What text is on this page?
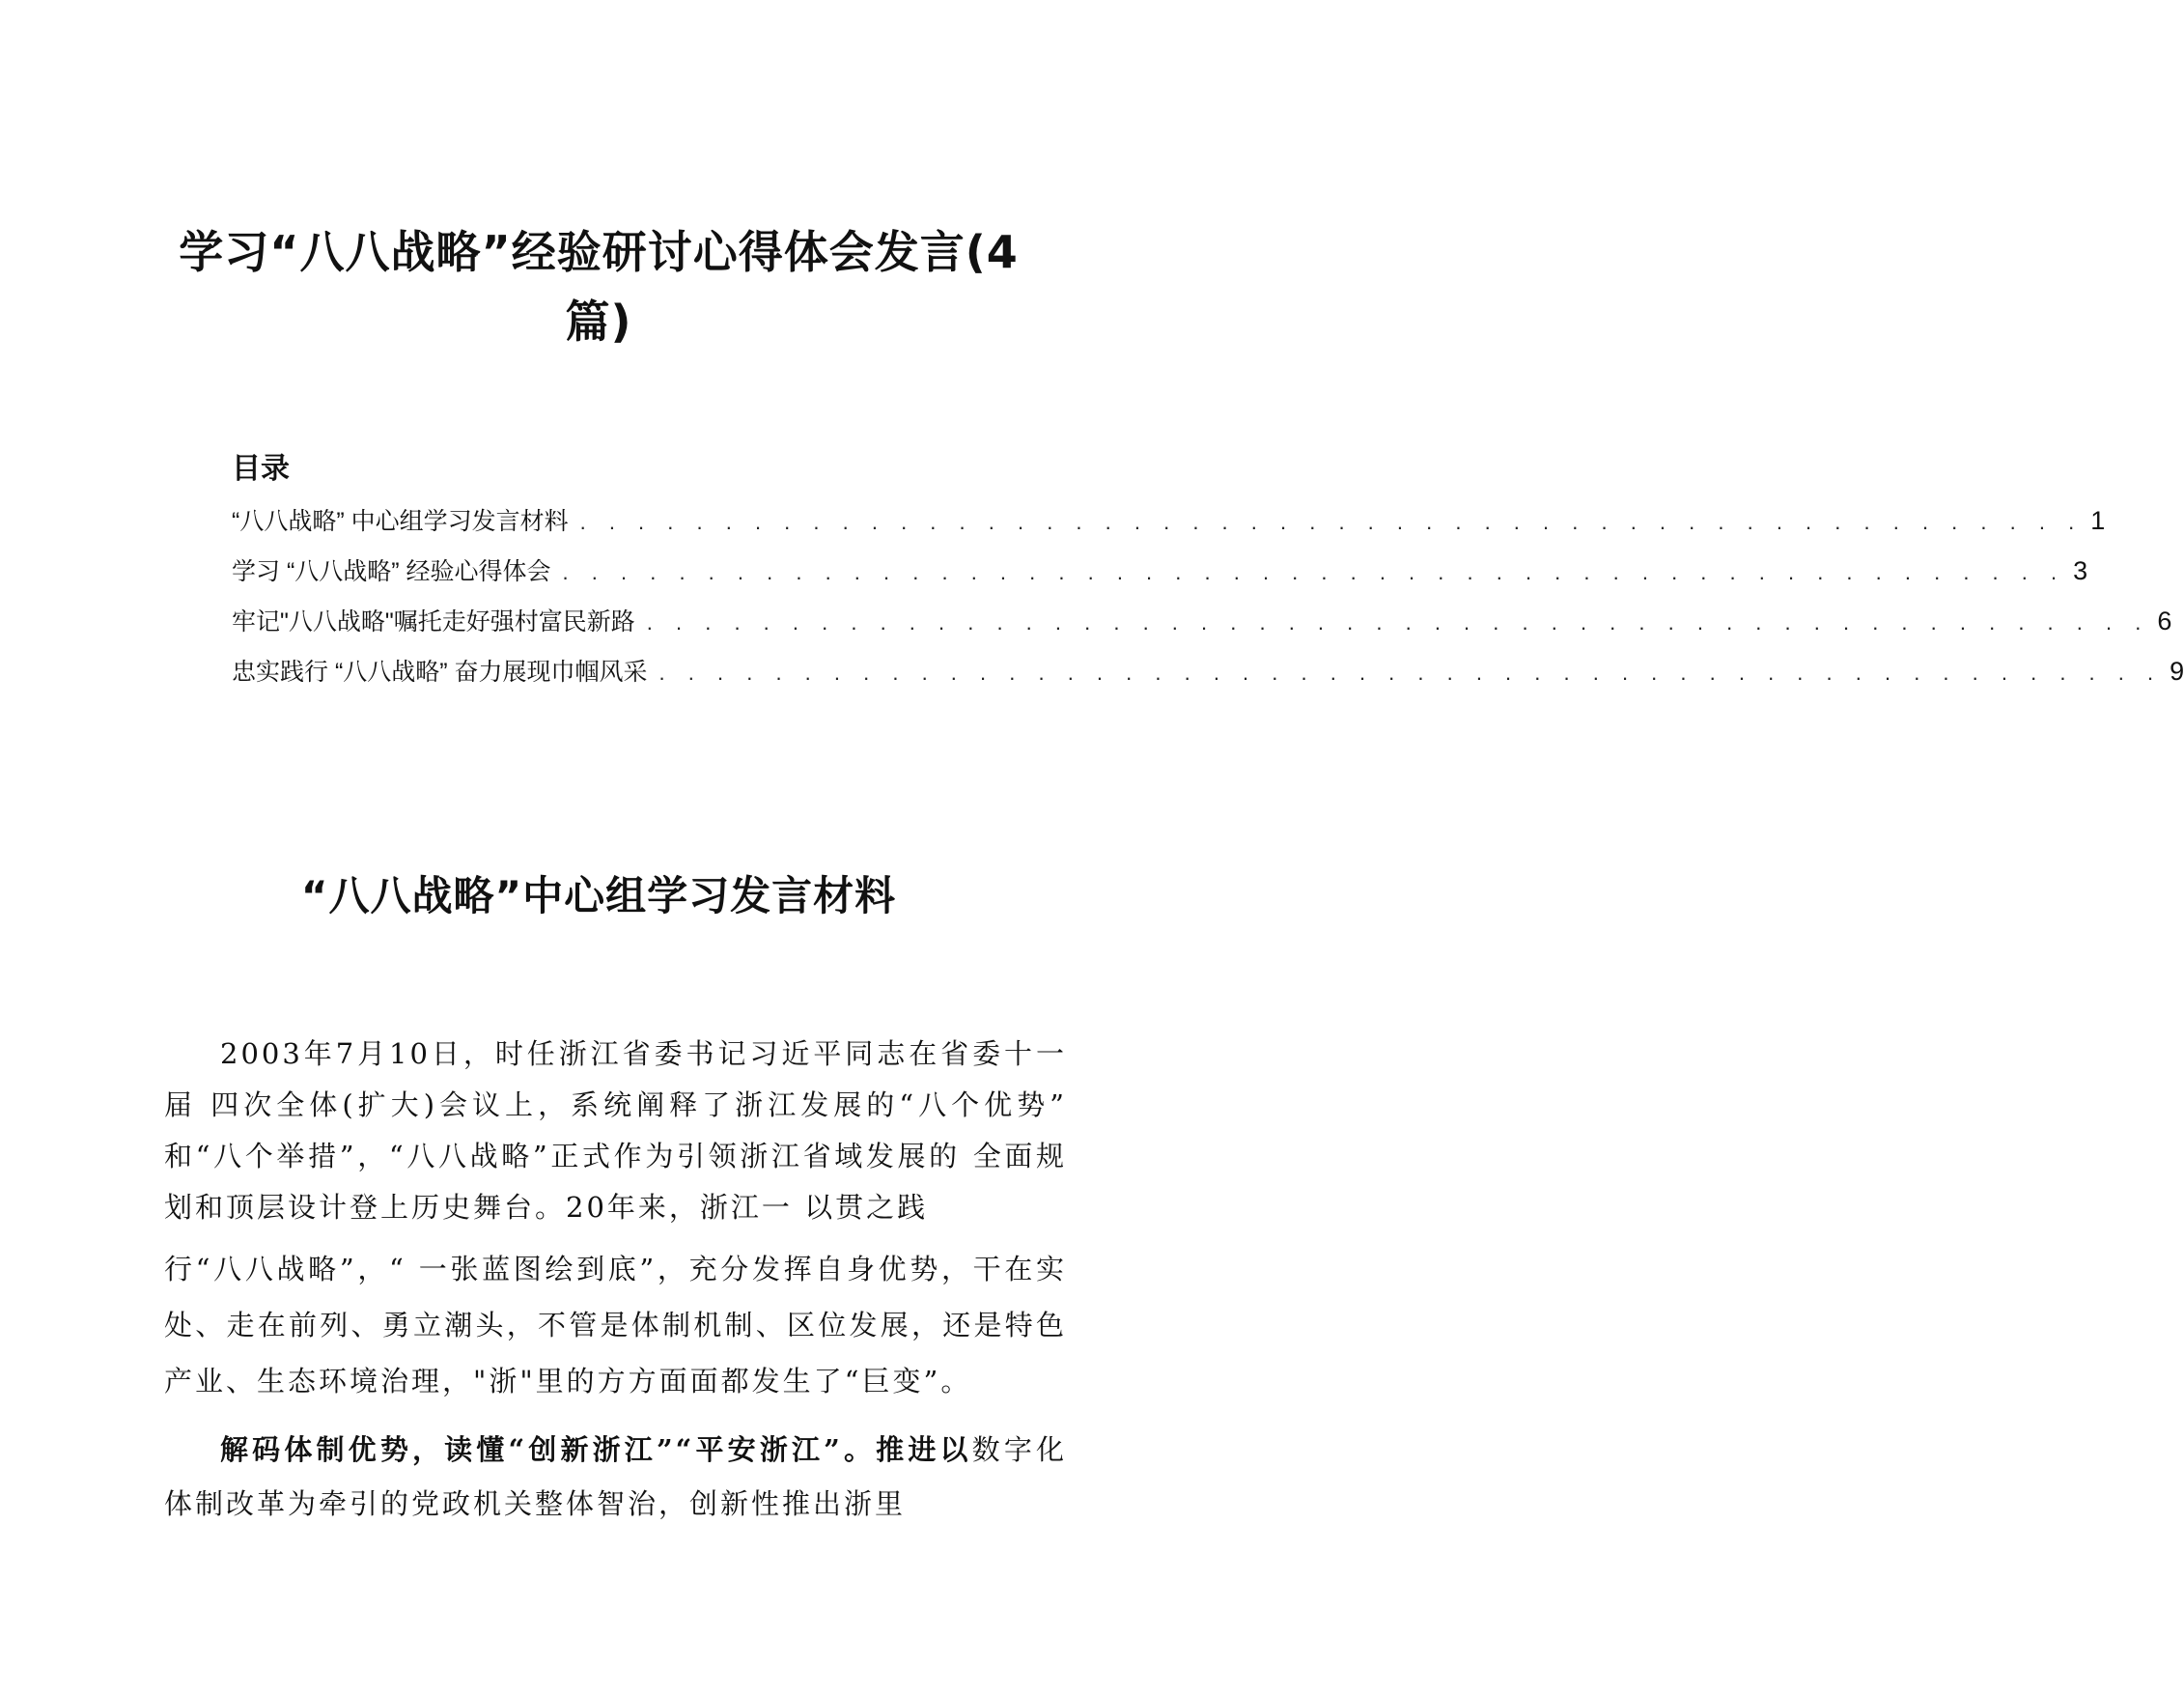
学习“八八战略”经验研讨心得体会发言(4篇)
目录
“八八战略” 中心组学习发言材料 . . . . . . . . . . . . . . . . . . . . . . . . . . . . . . . . . . . . . . . . . . . . . . . . . . . . 1
学习 “八八战略” 经验心得体会 . . . . . . . . . . . . . . . . . . . . . . . . . . . . . . . . . . . . . . . . . . . . . . . . . . . . 3
牢记"八八战略"嘱托走好强村富民新路 . . . . . . . . . . . . . . . . . . . . . . . . . . . . . . . . . . . . . . . . . . . . . . . . . . . . 6
忠实践行 “八八战略” 奋力展现巾帼风采 . . . . . . . . . . . . . . . . . . . . . . . . . . . . . . . . . . . . . . . . . . . . . . . . . . . . 9
“八八战略”中心组学习发言材料

2003年7月10日，时任浙江省委书记习近平同志在省委十一届 四次全体(扩大)会议上，系统阐释了浙江发展的“八个优势” 和“八个举措”，“八八战略”正式作为引领浙江省域发展的 全面规划和顶层设计登上历史舞台。20年来，浙江一 以贯之践

行“八八战略”，“ 一张蓝图绘到底”，充分发挥自身优势，干在实处、走在前列、勇立潮头，不管是体制机制、区位发展，还是特色产业、生态环境治理，"浙"里的方方面面都发生了“巨变”。

解码体制优势，读懂“创新浙江”“平安浙江”。推进以数字化体制改革为牵引的党政机关整体智治，创新性推出浙里
